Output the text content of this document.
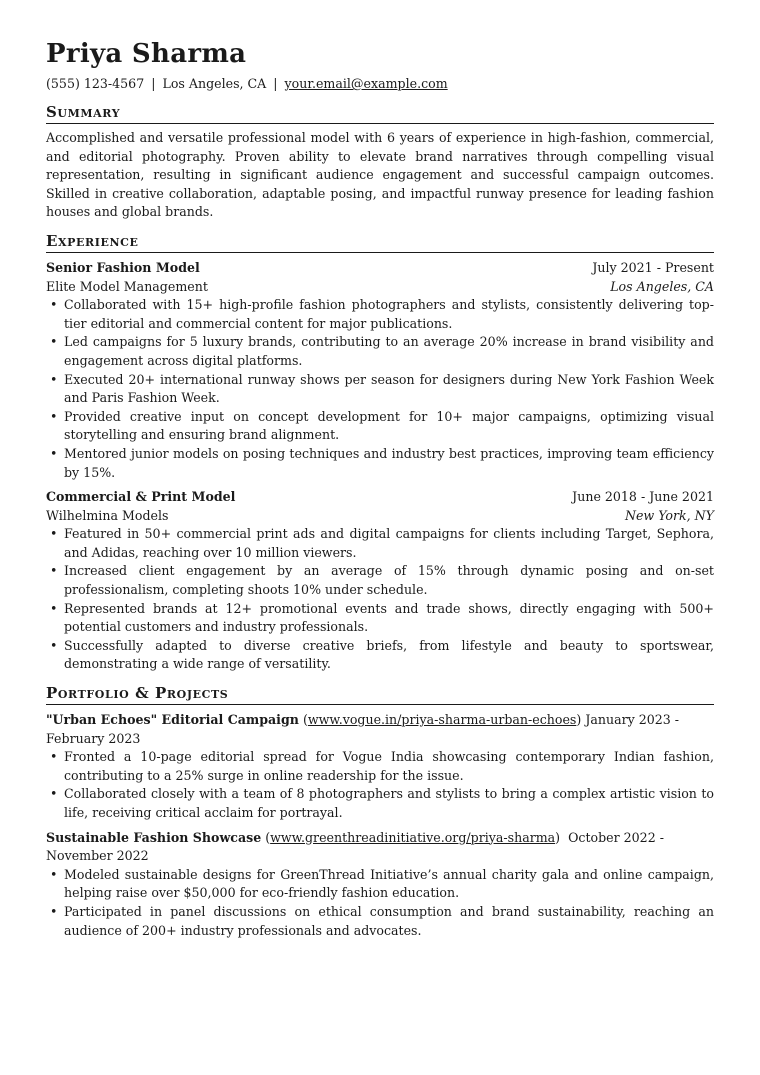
Priya Sharma
(555) 123-4567 | Los Angeles, CA | your.email@example.com
Summary

Accomplished and versatile professional model with 6 years of experience in high-fashion, commercial, and editorial photography. Proven ability to elevate brand narratives through compelling visual representation, resulting in significant audience engagement and successful campaign outcomes. Skilled in creative collaboration, adaptable posing, and impactful runway presence for leading fashion houses and global brands.

Experience
Senior Fashion Model	July 2021 - Present
Elite Model Management	Los Angeles, CA
• Collaborated with 15+ high-profile fashion photographers and stylists, consistently delivering top-tier editorial and commercial content for major publications.
• Led campaigns for 5 luxury brands, contributing to an average 20% increase in brand visibility and engagement across digital platforms.
• Executed 20+ international runway shows per season for designers during New York Fashion Week and Paris Fashion Week.
• Provided creative input on concept development for 10+ major campaigns, optimizing visual storytelling and ensuring brand alignment.
• Mentored junior models on posing techniques and industry best practices, improving team efficiency by 15%.
Commercial & Print Model	June 2018 - June 2021
Wilhelmina Models	New York, NY
• Featured in 50+ commercial print ads and digital campaigns for clients including Target, Sephora, and Adidas, reaching over 10 million viewers.
• Increased client engagement by an average of 15% through dynamic posing and on-set professionalism, completing shoots 10% under schedule.
• Represented brands at 12+ promotional events and trade shows, directly engaging with 500+ potential customers and industry professionals.
• Successfully adapted to diverse creative briefs, from lifestyle and beauty to sportswear, demonstrating a wide range of versatility.
Portfolio & Projects
"Urban Echoes" Editorial Campaign (www.vogue.in/priya-sharma-urban-echoes) January 2023 - February 2023
• Fronted a 10-page editorial spread for Vogue India showcasing contemporary Indian fashion, contributing to a 25% surge in online readership for the issue.
• Collaborated closely with a team of 8 photographers and stylists to bring a complex artistic vision to life, receiving critical acclaim for portrayal.
Sustainable Fashion Showcase (www.greenthreadinitiative.org/priya-sharma)  October 2022 - November 2022
• Modeled sustainable designs for GreenThread Initiative’s annual charity gala and online campaign, helping raise over $50,000 for eco-friendly fashion education.
• Participated in panel discussions on ethical consumption and brand sustainability, reaching an audience of 200+ industry professionals and advocates.
